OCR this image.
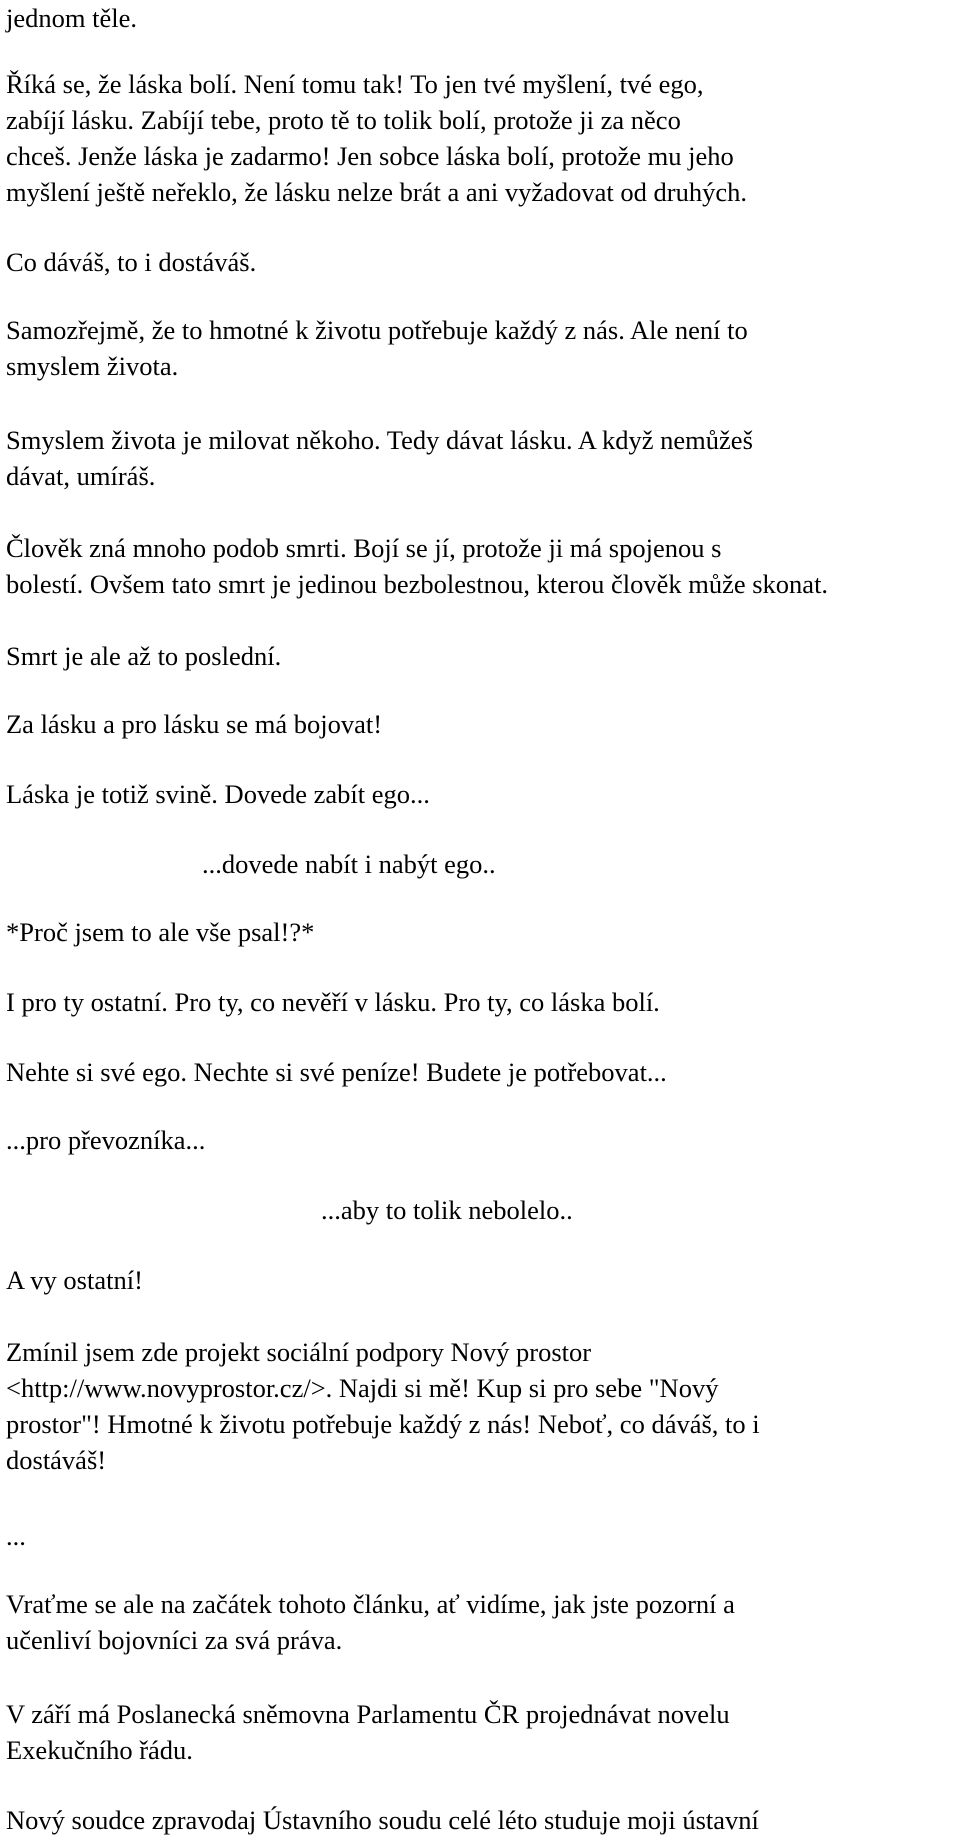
jednom těle.

Říká se, že láska bolí. Není tomu tak! To jen tvé myšlení, tvé ego,
zabíjí lásku. Zabíjí tebe, proto tě to tolik bolí, protože ji za něco
chceš. Jenže láska je zadarmo! Jen sobce láska bolí, protože mu jeho
myšlení ještě neřeklo, že lásku nelze brát a ani vyžadovat od druhých.

Co dáváš, to i dostáváš.

Samozřejmě, že to hmotné k životu potřebuje každý z nás. Ale není to
smyslem života.

Smyslem života je milovat někoho. Tedy dávat lásku. A když nemůžeš
dávat, umíráš.

Člověk zná mnoho podob smrti. Bojí se jí, protože ji má spojenou s
bolestí. Ovšem tato smrt je jedinou bezbolestnou, kterou člověk může skonat.

Smrt je ale až to poslední.

Za lásku a pro lásku se má bojovat!

Láska je totiž svině. Dovede zabít ego...

...dovede nabít i nabýt ego..

*Proč jsem to ale vše psal!?*

I pro ty ostatní. Pro ty, co nevěří v lásku. Pro ty, co láska bolí.

Nehte si své ego. Nechte si své peníze! Budete je potřebovat...

...pro převozníka...

...aby to tolik nebolelo..

A vy ostatní!

Zmínil jsem zde projekt sociální podpory Nový prostor
<http://www.novyprostor.cz/>. Najdi si mě! Kup si pro sebe "Nový
prostor"! Hmotné k životu potřebuje každý z nás! Neboť, co dáváš, to i
dostáváš!

...

Vraťme se ale na začátek tohoto článku, ať vidíme, jak jste pozorní a
učenliví bojovníci za svá práva.

V září má Poslanecká sněmovna Parlamentu ČR projednávat novelu
Exekučního řádu.

Nový soudce zpravodaj Ústavního soudu celé léto studuje moji ústavní
